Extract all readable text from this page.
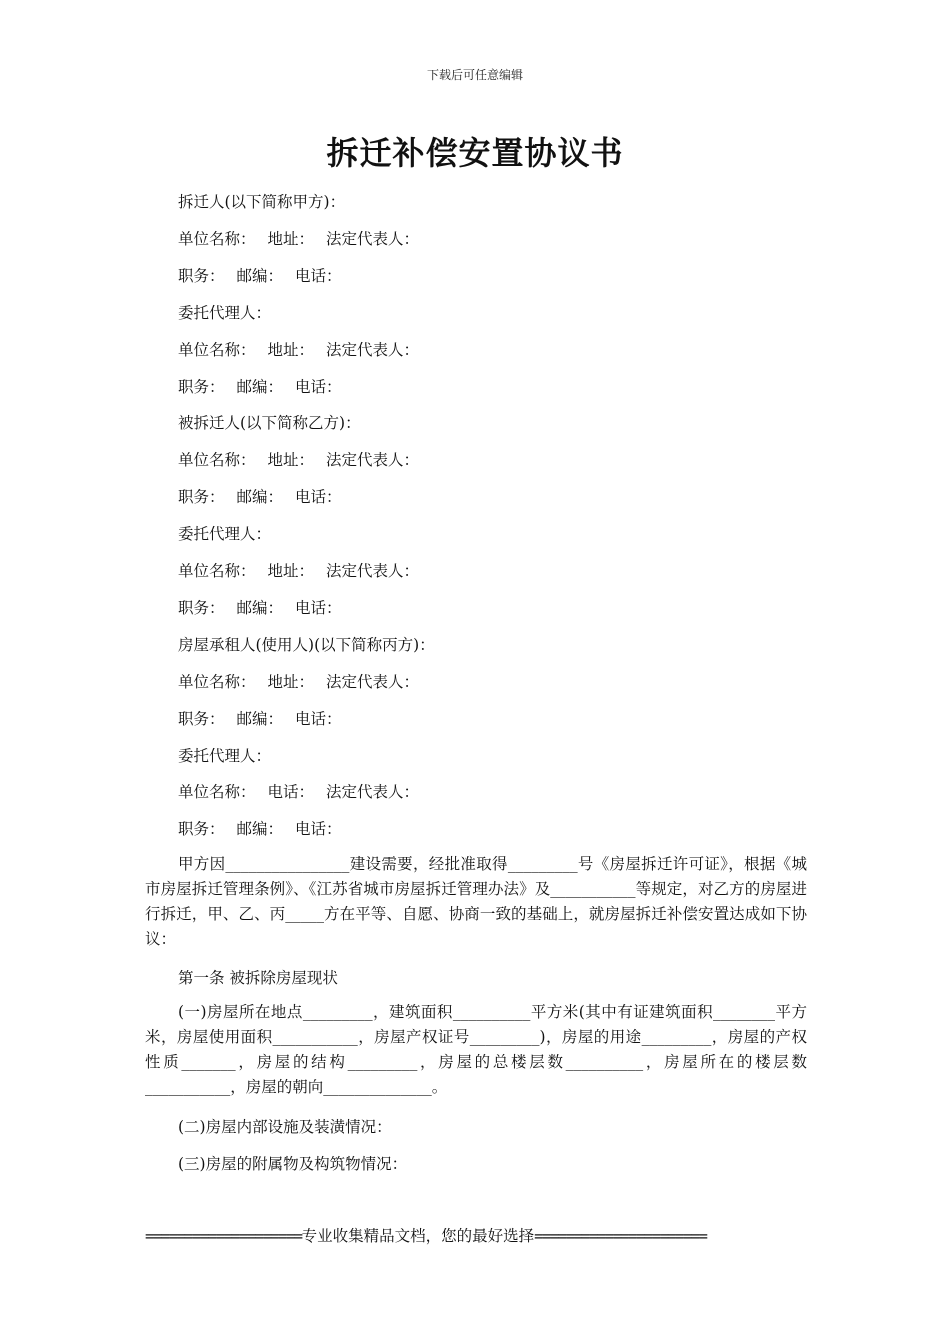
下载后可任意编辑
拆迁补偿安置协议书
拆迁人(以下简称甲方)：
单位名称： 地址： 法定代表人：
职务： 邮编： 电话：
委托代理人：
单位名称： 地址： 法定代表人：
职务： 邮编： 电话：
被拆迁人(以下简称乙方)：
单位名称： 地址： 法定代表人：
职务： 邮编： 电话：
委托代理人：
单位名称： 地址： 法定代表人：
职务： 邮编： 电话：
房屋承租人(使用人)(以下简称丙方)：
单位名称： 地址： 法定代表人：
职务： 邮编： 电话：
委托代理人：
单位名称： 电话： 法定代表人：
职务： 邮编： 电话：
甲方因________________建设需要，经批准取得_________号《房屋拆迁许可证》，根据《城市房屋拆迁管理条例》、《江苏省城市房屋拆迁管理办法》及___________等规定，对乙方的房屋进行拆迁，甲、乙、丙_____方在平等、自愿、协商一致的基础上，就房屋拆迁补偿安置达成如下协议：
第一条 被拆除房屋现状
(一)房屋所在地点_________，建筑面积__________平方米(其中有证建筑面积________平方米，房屋使用面积___________，房屋产权证号_________)，房屋的用途_________，房屋的产权性质_______，房屋的结构_________，房屋的总楼层数__________，房屋所在的楼层数___________，房屋的朝向______________。
(二)房屋内部设施及装潢情况：
(三)房屋的附属物及构筑物情况：
====================专业收集精品文档，您的最好选择======================
